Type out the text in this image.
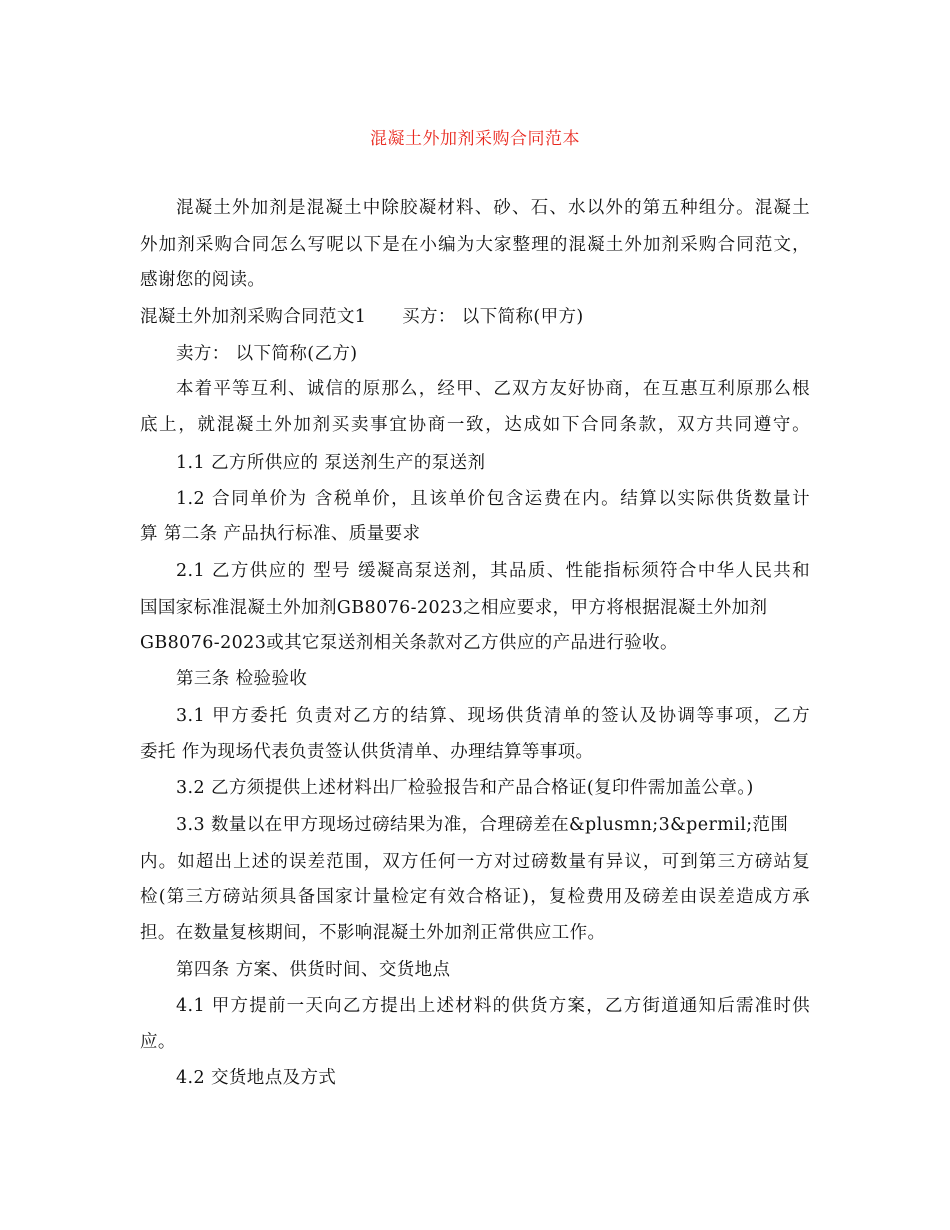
混凝土外加剂采购合同范本
混凝土外加剂是混凝土中除胶凝材料、砂、石、水以外的第五种组分。混凝土
外加剂采购合同怎么写呢以下是在小编为大家整理的混凝土外加剂采购合同范文，
感谢您的阅读。
混凝土外加剂采购合同范文1　　买方： 以下简称(甲方)
卖方： 以下简称(乙方)
本着平等互利、诚信的原那么，经甲、乙双方友好协商，在互惠互利原那么根
底上，就混凝土外加剂买卖事宜协商一致，达成如下合同条款，双方共同遵守。
1.1 乙方所供应的 泵送剂生产的泵送剂
1.2 合同单价为 含税单价，且该单价包含运费在内。结算以实际供货数量计
算 第二条 产品执行标准、质量要求
2.1 乙方供应的 型号 缓凝高泵送剂，其品质、性能指标须符合中华人民共和
国国家标准混凝土外加剂GB8076-2023之相应要求，甲方将根据混凝土外加剂
GB8076-2023或其它泵送剂相关条款对乙方供应的产品进行验收。
第三条 检验验收
3.1 甲方委托 负责对乙方的结算、现场供货清单的签认及协调等事项，乙方
委托 作为现场代表负责签认供货清单、办理结算等事项。
3.2 乙方须提供上述材料出厂检验报告和产品合格证(复印件需加盖公章。)
3.3 数量以在甲方现场过磅结果为准，合理磅差在&plusmn;3&permil;范围
内。如超出上述的误差范围，双方任何一方对过磅数量有异议，可到第三方磅站复
检(第三方磅站须具备国家计量检定有效合格证)，复检费用及磅差由误差造成方承
担。在数量复核期间，不影响混凝土外加剂正常供应工作。
第四条 方案、供货时间、交货地点
4.1 甲方提前一天向乙方提出上述材料的供货方案，乙方街道通知后需准时供
应。
4.2 交货地点及方式
